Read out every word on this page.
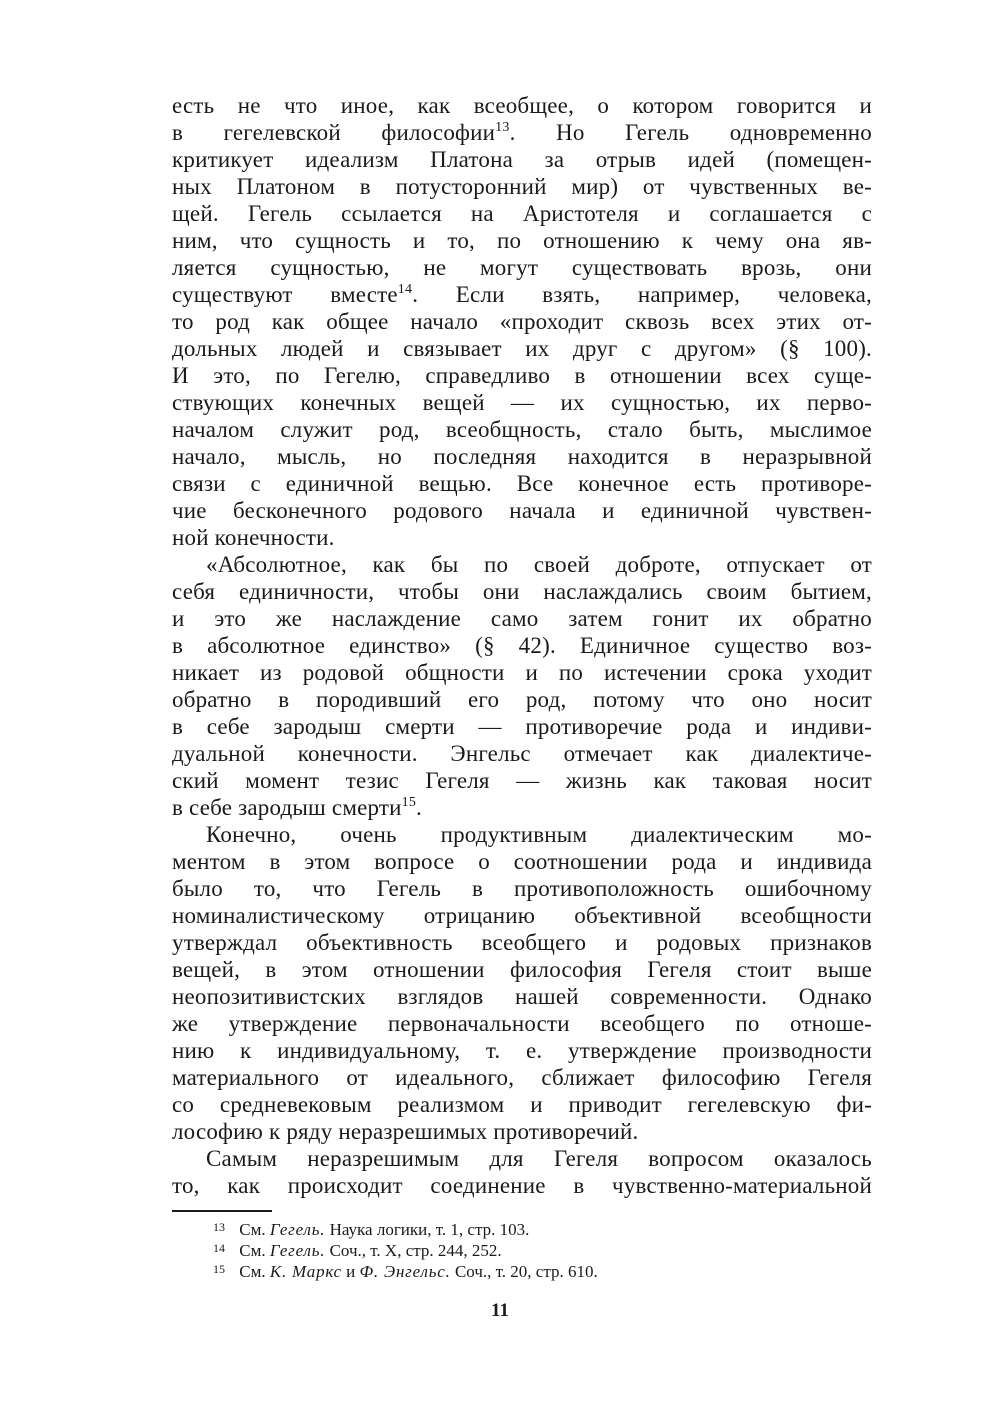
есть не что иное, как всеобщее, о котором говорится и
в гегелевской философии$^{13}$. Но Гегель одновременно
критикует идеализм Платона за отрыв идей (помещен-
ных Платоном в потусторонний мир) от чувственных ве-
щей. Гегель ссылается на Аристотеля и соглашается с
ним, что сущность и то, по отношению к чему она яв-
ляется сущностью, не могут существовать врозь, они
существуют вместе$^{14}$. Если взять, например, человека,
то род как общее начало «проходит сквозь всех этих от-
дольных людей и связывает их друг с другом» (§ 100).
И это, по Гегелю, справедливо в отношении всех суще-
ствующих конечных вещей — их сущностью, их перво-
началом служит род, всеобщность, стало быть, мыслимое
начало, мысль, но последняя находится в неразрывной
связи с единичной вещью. Все конечное есть противоре-
чие бесконечного родового начала и единичной чувствен-
ной конечности.
«Абсолютное, как бы по своей доброте, отпускает от
себя единичности, чтобы они наслаждались своим бытием,
и это же наслаждение само затем гонит их обратно
в абсолютное единство» (§ 42). Единичное существо воз-
никает из родовой общности и по истечении срока уходит
обратно в породивший его род, потому что оно носит
в себе зародыш смерти — противоречие рода и индиви-
дуальной конечности. Энгельс отмечает как диалектиче-
ский момент тезис Гегеля — жизнь как таковая носит
в себе зародыш смерти$^{15}$.
Конечно, очень продуктивным диалектическим мо-
ментом в этом вопросе о соотношении рода и индивида
было то, что Гегель в противоположность ошибочному
номиналистическому отрицанию объективной всеобщности
утверждал объективность всеобщего и родовых признаков
вещей, в этом отношении философия Гегеля стоит выше
неопозитивистских взглядов нашей современности. Однако
же утверждение первоначальности всеобщего по отноше-
нию к индивидуальному, т. е. утверждение производности
материального от идеального, сближает философию Гегеля
со средневековым реализмом и приводит гегелевскую фи-
лософию к ряду неразрешимых противоречий.
Самым неразрешимым для Гегеля вопросом оказалось
то, как происходит соединение в чувственно-материальной
13 См. Гегель. Наука логики, т. 1, стр. 103.
14 См. Гегель. Соч., т. X, стр. 244, 252.
15 См. К. Маркс и Ф. Энгельс. Соч., т. 20, стр. 610.
11
